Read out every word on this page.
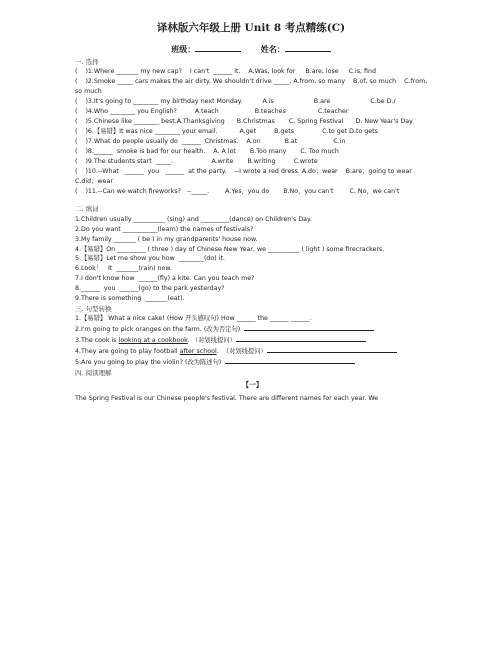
译林版六年级上册 Unit 8 考点精练(C)
班级：	姓名：
一. 选择

(    )1.Where _______ my new cap?    I can't  ______ it.    A.Was, look for     B.are, lose     C.is, find

(    )2.Smoke _____ cars makes the air dirty. We shouldn't drive _____. A.from, so many    B.of, so much    C.from, so much

(    )3.It's going to ________ my birthday next Monday.          A.is                    B.are                    C.be D./

(    )4.Who ________ you English?         A.teach                  B.teaches                C.teacher

(    )5.Chinese like ________ best.A.Thanksgiving      B.Christmas       C. Spring Festival      D. New Year's Day

(    )6.【易错】It was nice ________ your email.           A.get         B.gets              C.to get D.to gets

(    )7.What do people usually do  ______  Christmas.    A.on            B.at                  C.in

(    )8.______  smoke is bad for our health.    A. A lot       B.Too many       C. Too much

(    )9.The students start  _____.                   A.write       B.writing         C.wrote

(    )10.--What   ______  you   ______  at the party.    --I wrote a red dress. A.do；wear    B.are；going to wear    C.did；wear

(    )11.--Can we watch fireworks?   --_____.        A.Yes，you do       B.No，you can't        C. No，we can't

二. 填词

1.Children usually __________ (sing) and _________(dance) on Children's Day.

2.Do you want ___________(learn) the names of festivals?

3.My family _______ ( be ) in my grandparents' house now.

4.【易错】On _________ ( three ) day of Chinese New Year, we __________ ( light ) some firecrackers.

5.【易错】Let me show you how  ________(do) it.

6.Look！   It  _______(rain) now.

7.I don't know how  ______(fly) a kite. Can you teach me?

8.______  you  ______(go) to the park yesterday?

9.There is something  _______(eat).

三. 句型转换

1.【易错】 What a nice cake! (How 开头感叹句) How ______ the ______ ______.

2.I'm going to pick oranges on the farm. (改为否定句)

3.The cook is looking at a cookbook. （对划线提问）

4.They are going to play football after school.  （对划线提问）

5.Are you going to play the violin? (改为陈述句)

四. 阅读理解
【一】

The Spring Festival is our Chinese people's festival. There are different names for each year. We
